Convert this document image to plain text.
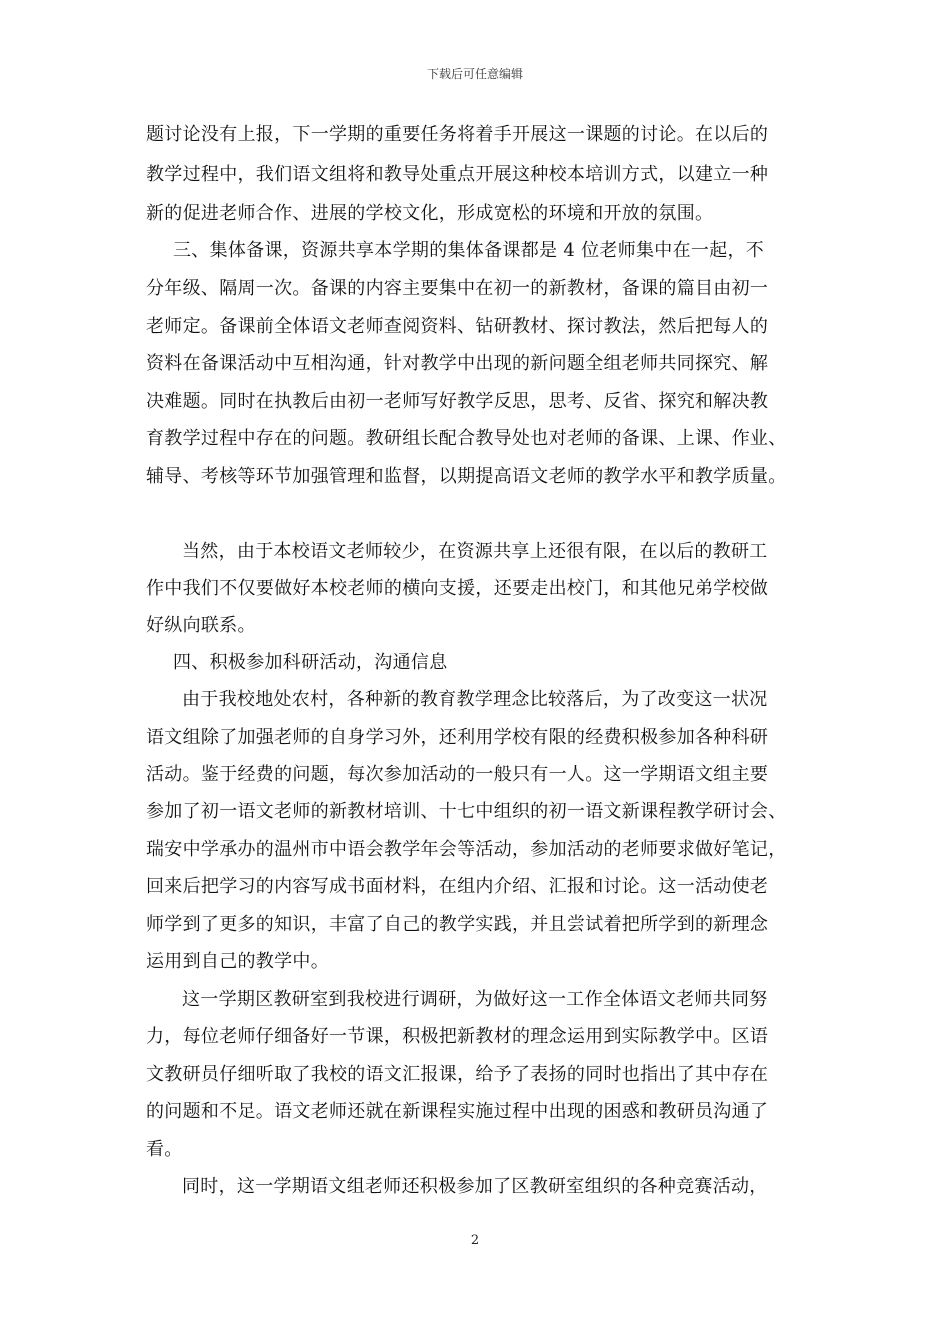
下载后可任意编辑
题讨论没有上报，下一学期的重要任务将着手开展这一课题的讨论。在以后的
教学过程中，我们语文组将和教导处重点开展这种校本培训方式，以建立一种
新的促进老师合作、进展的学校文化，形成宽松的环境和开放的氛围。
三、集体备课，资源共享本学期的集体备课都是 4 位老师集中在一起，不
分年级、隔周一次。备课的内容主要集中在初一的新教材，备课的篇目由初一
老师定。备课前全体语文老师查阅资料、钻研教材、探讨教法，然后把每人的
资料在备课活动中互相沟通，针对教学中出现的新问题全组老师共同探究、解
决难题。同时在执教后由初一老师写好教学反思，思考、反省、探究和解决教
育教学过程中存在的问题。教研组长配合教导处也对老师的备课、上课、作业、
辅导、考核等环节加强管理和监督，以期提高语文老师的教学水平和教学质量。
当然，由于本校语文老师较少，在资源共享上还很有限，在以后的教研工
作中我们不仅要做好本校老师的横向支援，还要走出校门，和其他兄弟学校做
好纵向联系。
四、积极参加科研活动，沟通信息
由于我校地处农村，各种新的教育教学理念比较落后，为了改变这一状况
语文组除了加强老师的自身学习外，还利用学校有限的经费积极参加各种科研
活动。鉴于经费的问题，每次参加活动的一般只有一人。这一学期语文组主要
参加了初一语文老师的新教材培训、十七中组织的初一语文新课程教学研讨会、
瑞安中学承办的温州市中语会教学年会等活动，参加活动的老师要求做好笔记，
回来后把学习的内容写成书面材料，在组内介绍、汇报和讨论。这一活动使老
师学到了更多的知识，丰富了自己的教学实践，并且尝试着把所学到的新理念
运用到自己的教学中。
这一学期区教研室到我校进行调研，为做好这一工作全体语文老师共同努
力，每位老师仔细备好一节课，积极把新教材的理念运用到实际教学中。区语
文教研员仔细听取了我校的语文汇报课，给予了表扬的同时也指出了其中存在
的问题和不足。语文老师还就在新课程实施过程中出现的困惑和教研员沟通了
看。
同时，这一学期语文组老师还积极参加了区教研室组织的各种竞赛活动，
2
